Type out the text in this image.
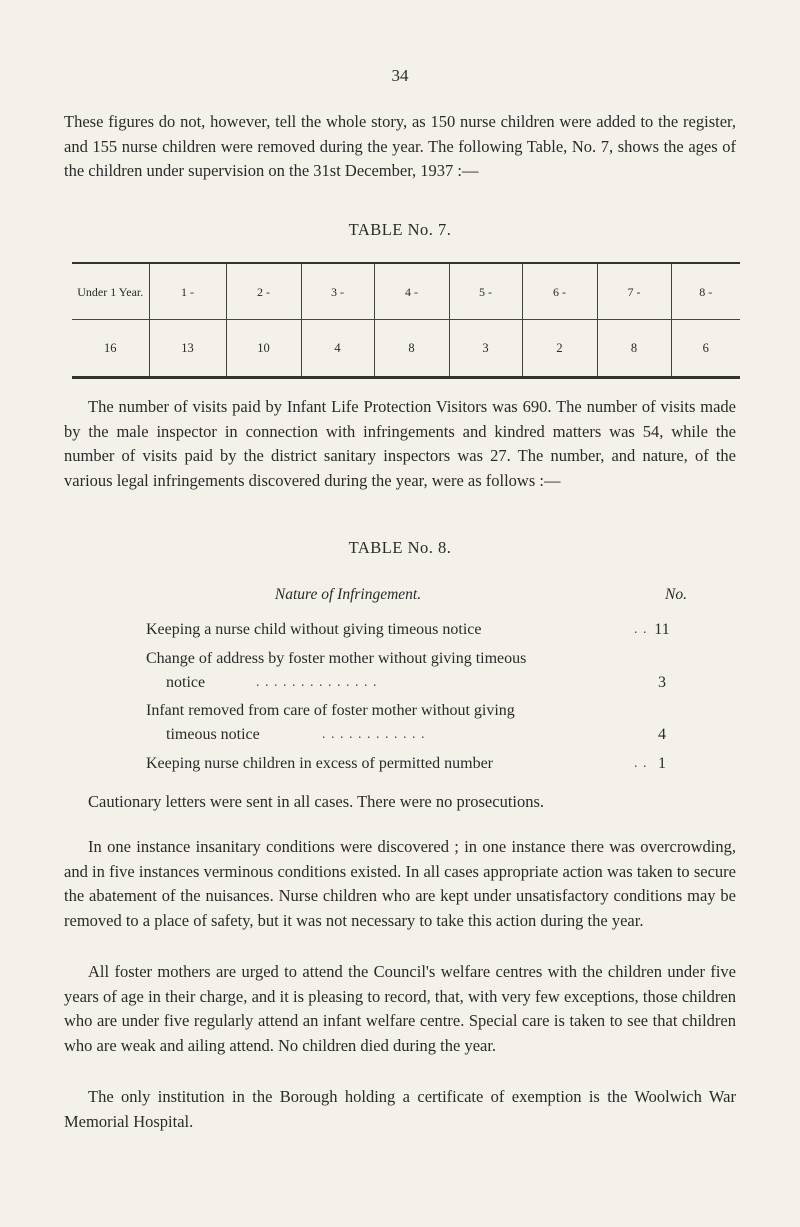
34

These figures do not, however, tell the whole story, as 150 nurse children were added to the register, and 155 nurse children were removed during the year. The following Table, No. 7, shows the ages of the children under supervision on the 31st December, 1937 :—

TABLE No. 7.
Under 1 Year.	1 -	2 -	3 -	4 -	5 -	6 -	7 -	8 -
16	13	10	4	8	3	2	8	6

The number of visits paid by Infant Life Protection Visitors was 690. The number of visits made by the male inspector in connection with infringements and kindred matters was 54, while the number of visits paid by the district sanitary inspectors was 27. The number, and nature, of the various legal infringements discovered during the year, were as follows :—

TABLE No. 8.
Nature of Infringement.	No.
Keeping a nurse child without giving timeous notice	. . 11
Change of address by foster mother without giving timeous
notice	. . . . . . . . . . . . . .	3
Infant removed from care of foster mother without giving
timeous notice	. . . . . . . . . . . .	4
Keeping nurse children in excess of permitted number	. . 1

Cautionary letters were sent in all cases. There were no prosecutions.

In one instance insanitary conditions were discovered ; in one instance there was overcrowding, and in five instances verminous conditions existed. In all cases appropriate action was taken to secure the abatement of the nuisances. Nurse children who are kept under unsatisfactory conditions may be removed to a place of safety, but it was not necessary to take this action during the year.

All foster mothers are urged to attend the Council's welfare centres with the children under five years of age in their charge, and it is pleasing to record, that, with very few exceptions, those children who are under five regularly attend an infant welfare centre. Special care is taken to see that children who are weak and ailing attend. No children died during the year.

The only institution in the Borough holding a certificate of exemption is the Woolwich War Memorial Hospital.
